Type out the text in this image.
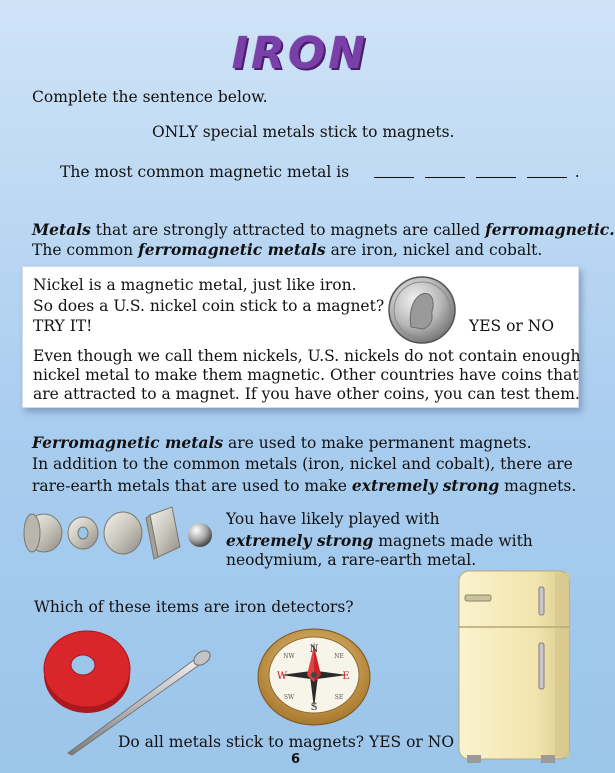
IRON
Complete the sentence below.
ONLY special metals stick to magnets.
The most common magnetic metal is	.
Metals that are strongly attracted to magnets are called ferromagnetic.
The common ferromagnetic metals are iron, nickel and cobalt.
Nickel is a magnetic metal, just like iron.
So does a U.S. nickel coin stick to a magnet?
TRY IT!	YES or NO
Even though we call them nickels, U.S. nickels do not contain enough
nickel metal to make them magnetic. Other countries have coins that
are attracted to a magnet. If you have other coins, you can test them.
Ferromagnetic metals are used to make permanent magnets.
In addition to the common metals (iron, nickel and cobalt), there are
rare-earth metals that are used to make extremely strong magnets.
You have likely played with
extremely strong magnets made with
neodymium, a rare-earth metal.
Which of these items are iron detectors?
N
S
E
W
NE
NW
SE
SW
Do all metals stick to magnets? YES or NO
6
